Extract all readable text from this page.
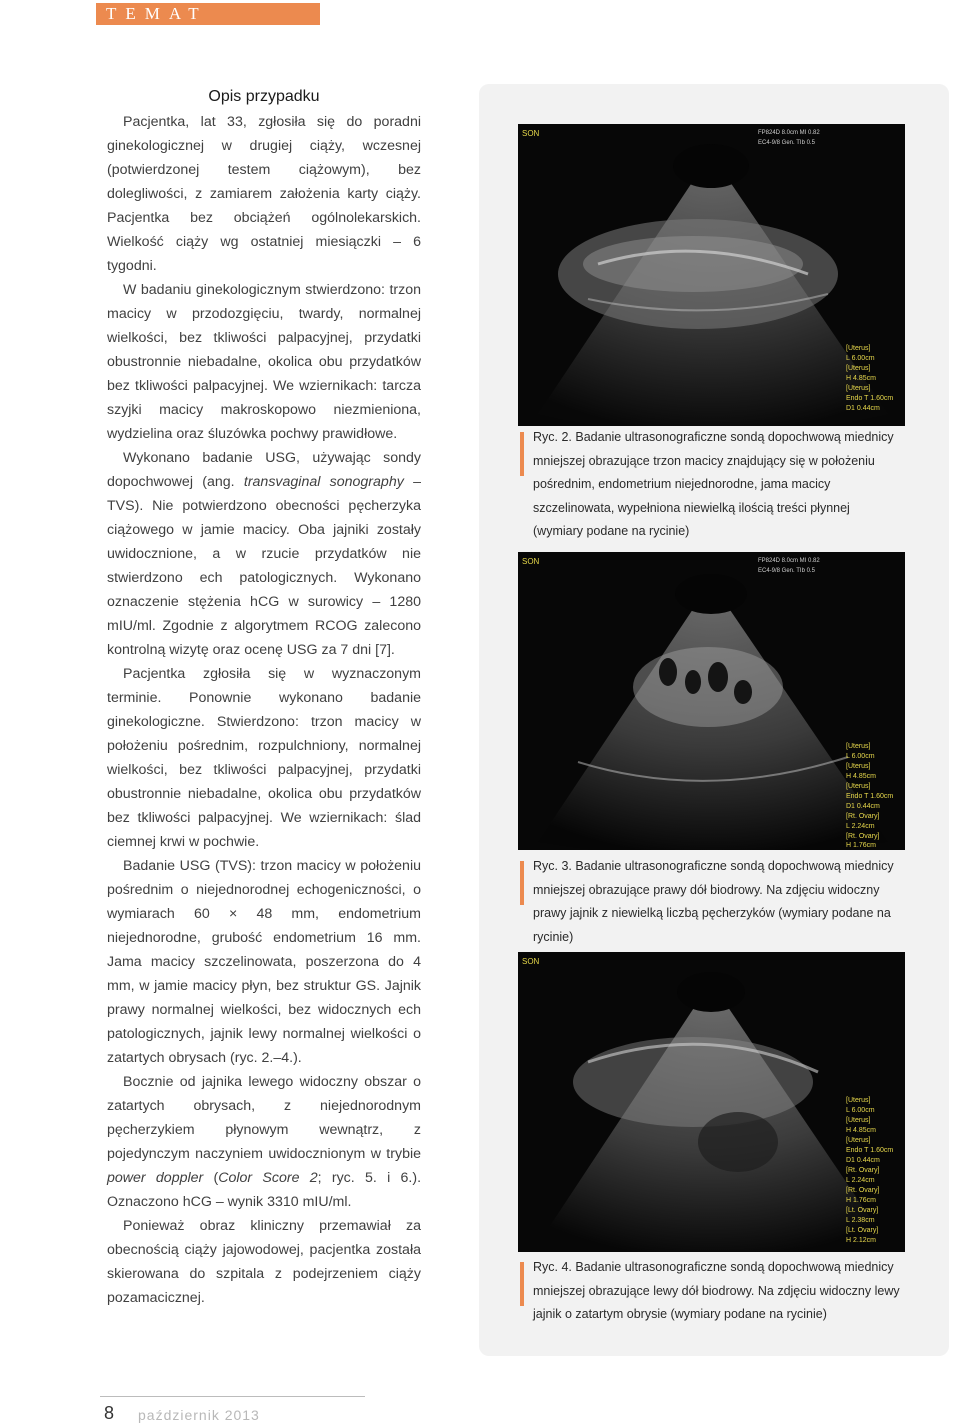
TEMAT NUMERU
Opis przypadku

Pacjentka, lat 33, zgłosiła się do poradni ginekologicznej w drugiej ciąży, wczesnej (potwierdzonej testem ciążowym), bez dolegliwości, z zamiarem założenia karty ciąży. Pacjentka bez obciążeń ogólnolekarskich. Wielkość ciąży wg ostatniej miesiączki – 6 tygodni.

W badaniu ginekologicznym stwierdzono: trzon macicy w przodozgięciu, twardy, normalnej wielkości, bez tkliwości palpacyjnej, przydatki obustronnie niebadalne, okolica obu przydatków bez tkliwości palpacyjnej. We wziernikach: tarcza szyjki macicy makroskopowo niezmieniona, wydzielina oraz śluzówka pochwy prawidłowe.

Wykonano badanie USG, używając sondy dopochwowej (ang. transvaginal sonography – TVS). Nie potwierdzono obecności pęcherzyka ciążowego w jamie macicy. Oba jajniki zostały uwidocznione, a w rzucie przydatków nie stwierdzono ech patologicznych. Wykonano oznaczenie stężenia hCG w surowicy – 1280 mIU/ml. Zgodnie z algorytmem RCOG zalecono kontrolną wizytę oraz ocenę USG za 7 dni [7].

Pacjentka zgłosiła się w wyznaczonym terminie. Ponownie wykonano badanie ginekologiczne. Stwierdzono: trzon macicy w położeniu pośrednim, rozpulchniony, normalnej wielkości, bez tkliwości palpacyjnej, przydatki obustronnie niebadalne, okolica obu przydatków bez tkliwości palpacyjnej. We wziernikach: ślad ciemnej krwi w pochwie.

Badanie USG (TVS): trzon macicy w położeniu pośrednim o niejednorodnej echogeniczności, o wymiarach 60 × 48 mm, endometrium niejednorodne, grubość endometrium 16 mm. Jama macicy szczelinowata, poszerzona do 4 mm, w jamie macicy płyn, bez struktur GS. Jajnik prawy normalnej wielkości, bez widocznych ech patologicznych, jajnik lewy normalnej wielkości o zatartych obrysach (ryc. 2.–4.).

Bocznie od jajnika lewego widoczny obszar o zatartych obrysach, z niejednorodnym pęcherzykiem płynowym wewnątrz, z pojedynczym naczyniem uwidocznionym w trybie power doppler (Color Score 2; ryc. 5. i 6.). Oznaczono hCG – wynik 3310 mIU/ml.

Ponieważ obraz kliniczny przemawiał za obecnością ciąży jajowodowej, pacjentka została skierowana do szpitala z podejrzeniem ciąży pozamacicznej.

SON	FP824D 8.0cm MI 0.82
EC4-9/8 Gen. TIb 0.5
[Uterus]
L 6.00cm
[Uterus]
H 4.85cm
[Uterus]
Endo T 1.60cm
D1 0.44cm
Ryc. 2. Badanie ultrasonograficzne sondą dopochwową miednicy mniejszej obrazujące trzon macicy znajdujący się w położeniu pośrednim, endometrium niejednorodne, jama macicy szczelinowata, wypełniona niewielką ilością treści płynnej (wymiary podane na rycinie)
SON	FP824D 8.0cm MI 0.82
EC4-9/8 Gen. TIb 0.5
[Uterus]
L 6.00cm
[Uterus]
H 4.85cm
[Uterus]
Endo T 1.60cm
D1 0.44cm
[Rt. Ovary]
L 2.24cm
[Rt. Ovary]
H 1.76cm
Ryc. 3. Badanie ultrasonograficzne sondą dopochwową miednicy mniejszej obrazujące prawy dół biodrowy. Na zdjęciu widoczny prawy jajnik z niewielką liczbą pęcherzyków (wymiary podane na rycinie)
SON
[Uterus]
L 6.00cm
[Uterus]
H 4.85cm
[Uterus]
Endo T 1.60cm
D1 0.44cm
[Rt. Ovary]
L 2.24cm
[Rt. Ovary]
H 1.76cm
[Lt. Ovary]
L 2.38cm
[Lt. Ovary]
H 2.12cm
Ryc. 4. Badanie ultrasonograficzne sondą dopochwową miednicy mniejszej obrazujące lewy dół biodrowy. Na zdjęciu widoczny lewy jajnik o zatartym obrysie (wymiary podane na rycinie)
8 październik 2013
